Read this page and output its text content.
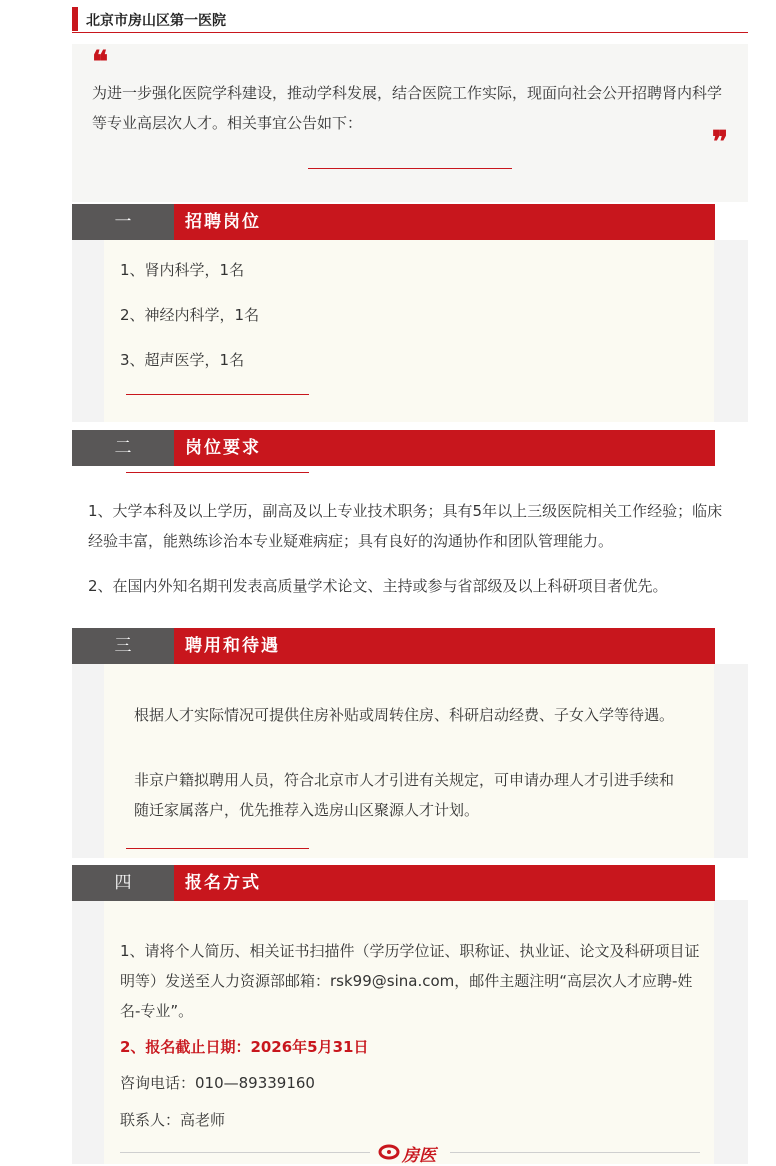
北京市房山区第一医院
❝
为进一步强化医院学科建设，推动学科发展，结合医院工作实际，现面向社会公开招聘肾内科学等专业高层次人才。相关事宜公告如下：
❞
一	招聘岗位
1、肾内科学，1名
2、神经内科学，1名
3、超声医学，1名
二	岗位要求
1、大学本科及以上学历，副高及以上专业技术职务；具有5年以上三级医院相关工作经验；临床经验丰富，能熟练诊治本专业疑难病症；具有良好的沟通协作和团队管理能力。
2、在国内外知名期刊发表高质量学术论文、主持或参与省部级及以上科研项目者优先。
三	聘用和待遇
根据人才实际情况可提供住房补贴或周转住房、科研启动经费、子女入学等待遇。
非京户籍拟聘用人员，符合北京市人才引进有关规定，可申请办理人才引进手续和随迁家属落户，优先推荐入选房山区聚源人才计划。
四	报名方式
1、请将个人简历、相关证书扫描件（学历学位证、职称证、执业证、论文及科研项目证明等）发送至人力资源部邮箱：rsk99@sina.com，邮件主题注明“高层次人才应聘-姓名-专业”。
2、报名截止日期：2026年5月31日
咨询电话：010—89339160
联系人：高老师
房医
